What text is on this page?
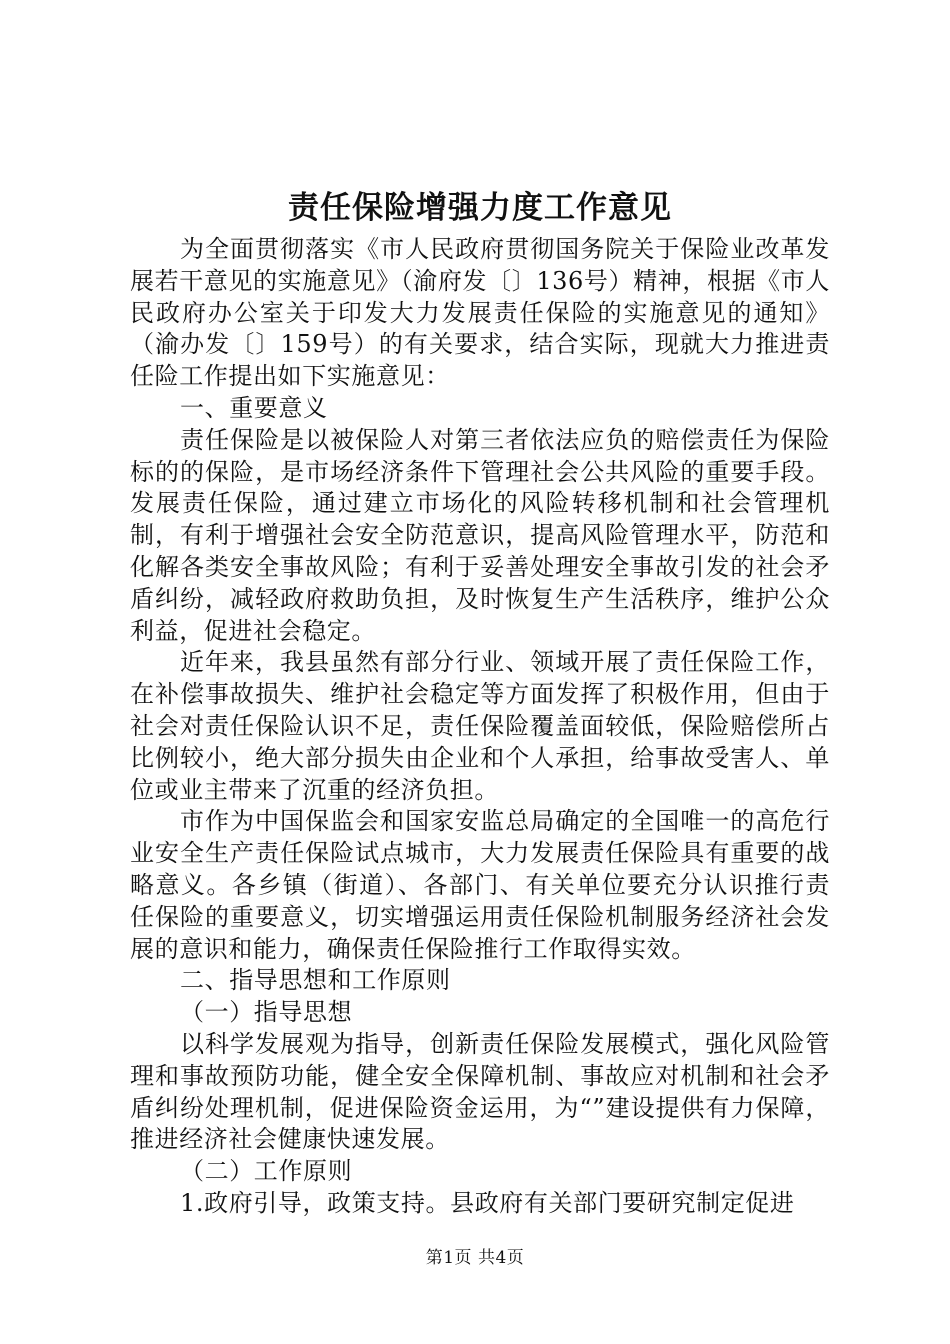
责任保险增强力度工作意见

为全面贯彻落实《市人民政府贯彻国务院关于保险业改革发展若干意见的实施意见》（渝府发〔〕136号）精神，根据《市人民政府办公室关于印发大力发展责任保险的实施意见的通知》（渝办发〔〕159号）的有关要求，结合实际，现就大力推进责任险工作提出如下实施意见：

一、重要意义

责任保险是以被保险人对第三者依法应负的赔偿责任为保险标的的保险，是市场经济条件下管理社会公共风险的重要手段。发展责任保险，通过建立市场化的风险转移机制和社会管理机制，有利于增强社会安全防范意识，提高风险管理水平，防范和化解各类安全事故风险；有利于妥善处理安全事故引发的社会矛盾纠纷，减轻政府救助负担，及时恢复生产生活秩序，维护公众利益，促进社会稳定。

近年来，我县虽然有部分行业、领域开展了责任保险工作，在补偿事故损失、维护社会稳定等方面发挥了积极作用，但由于社会对责任保险认识不足，责任保险覆盖面较低，保险赔偿所占比例较小，绝大部分损失由企业和个人承担，给事故受害人、单位或业主带来了沉重的经济负担。

市作为中国保监会和国家安监总局确定的全国唯一的高危行业安全生产责任保险试点城市，大力发展责任保险具有重要的战略意义。各乡镇（街道）、各部门、有关单位要充分认识推行责任保险的重要意义，切实增强运用责任保险机制服务经济社会发展的意识和能力，确保责任保险推行工作取得实效。

二、指导思想和工作原则

（一）指导思想

以科学发展观为指导，创新责任保险发展模式，强化风险管理和事故预防功能，健全安全保障机制、事故应对机制和社会矛盾纠纷处理机制，促进保险资金运用，为“”建设提供有力保障，推进经济社会健康快速发展。

（二）工作原则

1.政府引导，政策支持。县政府有关部门要研究制定促进

第1页 共4页
